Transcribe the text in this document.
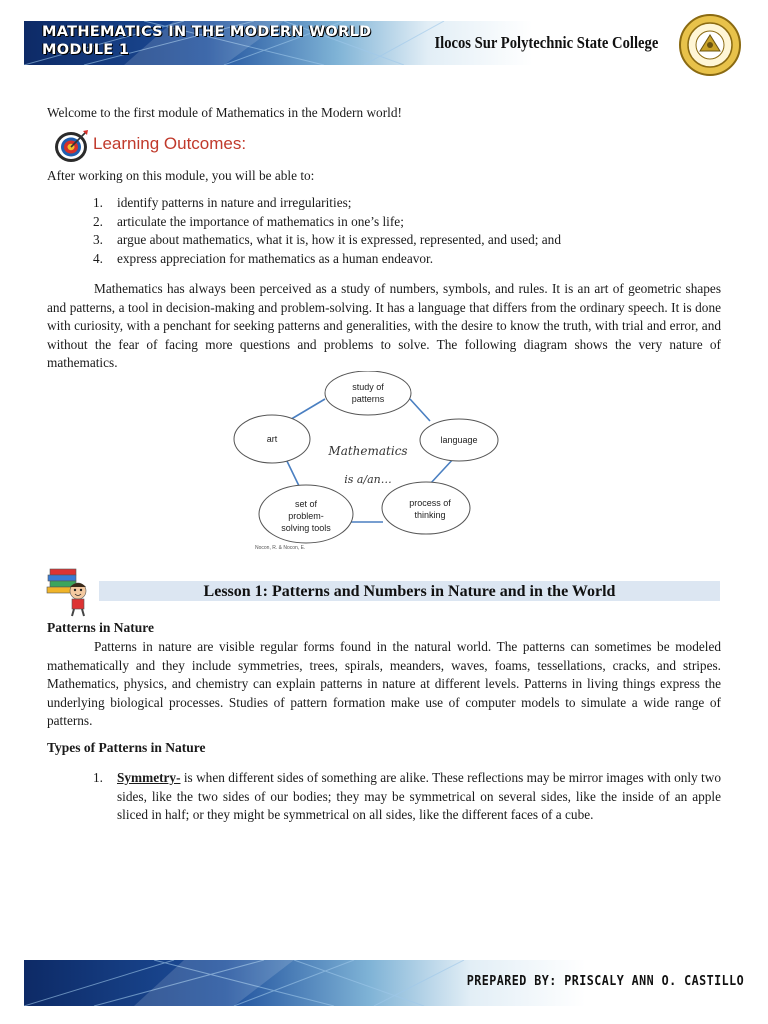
MATHEMATICS IN THE MODERN WORLD
MODULE 1	Ilocos Sur Polytechnic State College
Welcome to the first module of Mathematics in the Modern world!
Learning Outcomes:
After working on this module, you will be able to:
1. identify patterns in nature and irregularities;
2. articulate the importance of mathematics in one’s life;
3. argue about mathematics, what it is, how it is expressed, represented, and used; and
4. express appreciation for mathematics as a human endeavor.
Mathematics has always been perceived as a study of numbers, symbols, and rules. It is an art of geometric shapes and patterns, a tool in decision-making and problem-solving. It has a language that differs from the ordinary speech. It is done with curiosity, with a penchant for seeking patterns and generalities, with the desire to know the truth, with trial and error, and without the fear of facing more questions and problems to solve. The following diagram shows the very nature of mathematics.
study of
patterns
art	language
process of
thinking
set of
problem-
solving tools
Mathematics
is a/an…
Nocon, R. & Nocon, E.
Lesson 1: Patterns and Numbers in Nature and in the World
Patterns in Nature
Patterns in nature are visible regular forms found in the natural world. The patterns can sometimes be modeled mathematically and they include symmetries, trees, spirals, meanders, waves, foams, tessellations, cracks, and stripes. Mathematics, physics, and chemistry can explain patterns in nature at different levels. Patterns in living things express the underlying biological processes. Studies of pattern formation make use of computer models to simulate a wide range of patterns.
Types of Patterns in Nature
1. Symmetry- is when different sides of something are alike. These reflections may be mirror images with only two sides, like the two sides of our bodies; they may be symmetrical on several sides, like the inside of an apple sliced in half; or they might be symmetrical on all sides, like the different faces of a cube.
PREPARED BY: PRISCALY ANN O. CASTILLO
